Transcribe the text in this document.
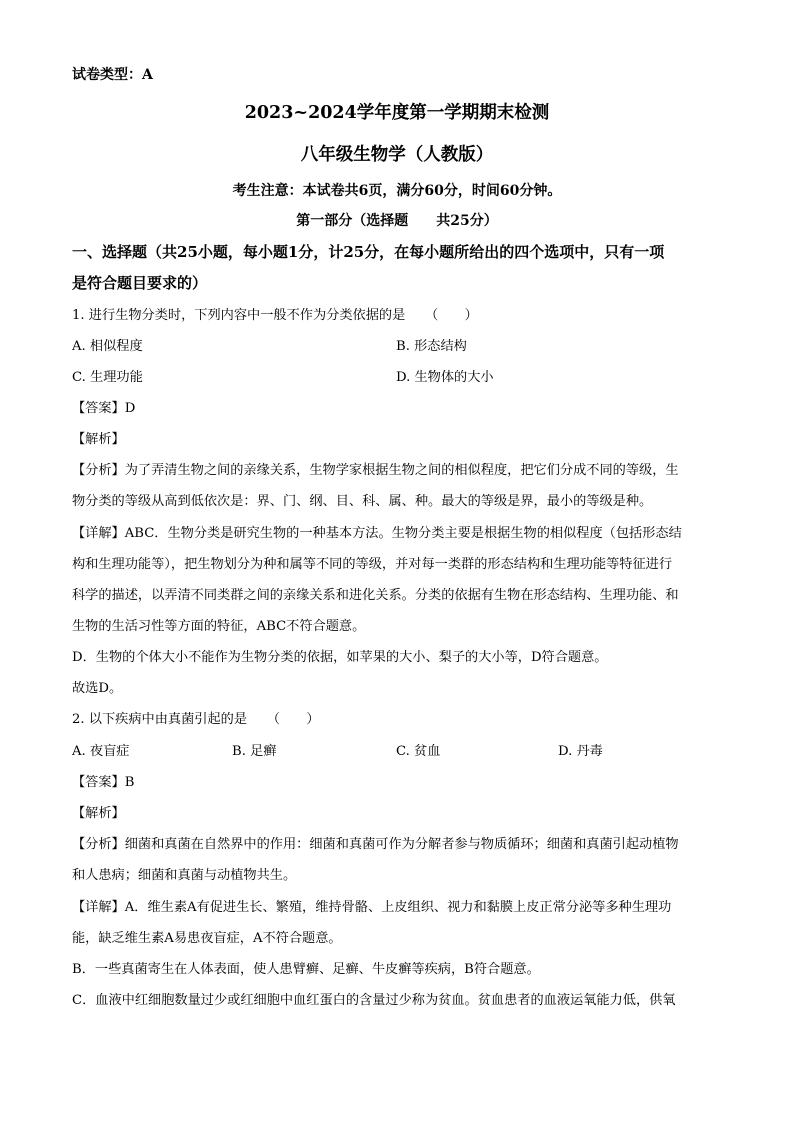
试卷类型：A
2023~2024学年度第一学期期末检测
八年级生物学（人教版）
考生注意：本试卷共6页，满分60分，时间60分钟。
第一部分（选择题　　共25分）
一、选择题（共25小题，每小题1分，计25分，在每小题所给出的四个选项中，只有一项
是符合题目要求的）
1. 进行生物分类时，下列内容中一般不作为分类依据的是　　（　　）
A. 相似程度	B. 形态结构
C. 生理功能	D. 生物体的大小
【答案】D
【解析】
【分析】为了弄清生物之间的亲缘关系，生物学家根据生物之间的相似程度，把它们分成不同的等级，生
物分类的等级从高到低依次是：界、门、纲、目、科、属、种。最大的等级是界，最小的等级是种。
【详解】ABC．生物分类是研究生物的一种基本方法。生物分类主要是根据生物的相似程度（包括形态结
构和生理功能等），把生物划分为种和属等不同的等级，并对每一类群的形态结构和生理功能等特征进行
科学的描述，以弄清不同类群之间的亲缘关系和进化关系。分类的依据有生物在形态结构、生理功能、和
生物的生活习性等方面的特征，ABC不符合题意。
D．生物的个体大小不能作为生物分类的依据，如苹果的大小、梨子的大小等，D符合题意。
故选D。
2. 以下疾病中由真菌引起的是　　（　　）
A. 夜盲症	B. 足癣	C. 贫血	D. 丹毒
【答案】B
【解析】
【分析】细菌和真菌在自然界中的作用：细菌和真菌可作为分解者参与物质循环；细菌和真菌引起动植物
和人患病；细菌和真菌与动植物共生。
【详解】A．维生素A有促进生长、繁殖，维持骨骼、上皮组织、视力和黏膜上皮正常分泌等多种生理功
能，缺乏维生素A易患夜盲症，A不符合题意。
B．一些真菌寄生在人体表面，使人患臂癣、足癣、牛皮癣等疾病，B符合题意。
C．血液中红细胞数量过少或红细胞中血红蛋白的含量过少称为贫血。贫血患者的血液运氧能力低，供氧
